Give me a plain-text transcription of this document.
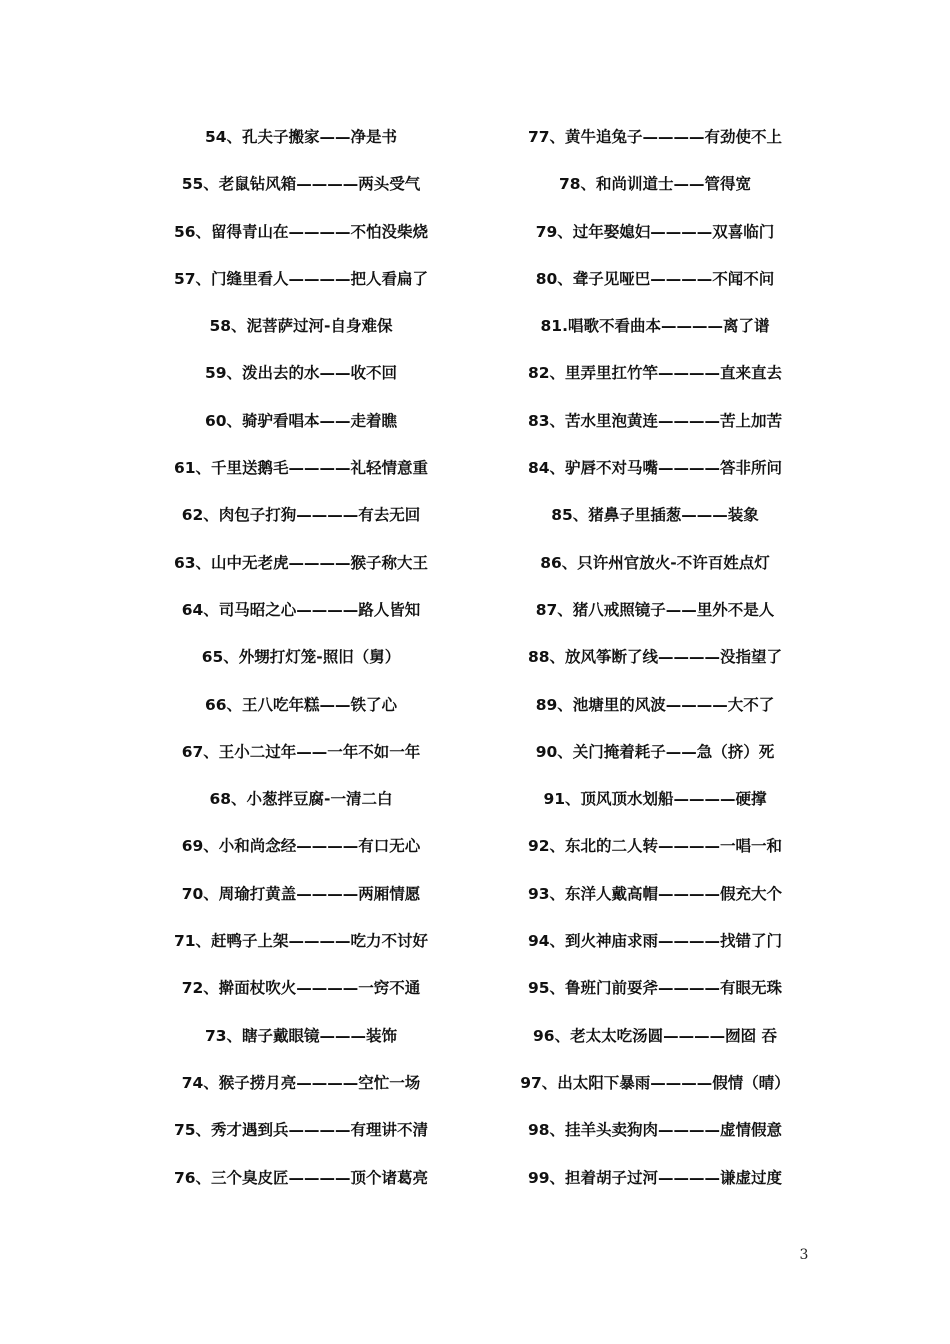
54、孔夫子搬家——净是书
55、老鼠钻风箱————两头受气
56、留得青山在————不怕没柴烧
57、门缝里看人————把人看扁了
58、泥菩萨过河-自身难保
59、泼出去的水——收不回
60、骑驴看唱本——走着瞧
61、千里送鹅毛————礼轻情意重
62、肉包子打狗————有去无回
63、山中无老虎————猴子称大王
64、司马昭之心————路人皆知
65、外甥打灯笼-照旧（舅）
66、王八吃年糕——铁了心
67、王小二过年——一年不如一年
68、小葱拌豆腐-一清二白
69、小和尚念经————有口无心
70、周瑜打黄盖————两厢情愿
71、赶鸭子上架————吃力不讨好
72、擀面杖吹火————一窍不通
73、瞎子戴眼镜———装饰
74、猴子捞月亮————空忙一场
75、秀才遇到兵————有理讲不清
76、三个臭皮匠————顶个诸葛亮
77、黄牛追兔子————有劲使不上
78、和尚训道士——管得宽
79、过年娶媳妇————双喜临门
80、聋子见哑巴————不闻不问
81.唱歌不看曲本————离了谱
82、里弄里扛竹竿————直来直去
83、苦水里泡黄连————苦上加苦
84、驴唇不对马嘴————答非所问
85、猪鼻子里插葱———装象
86、只许州官放火-不许百姓点灯
87、猪八戒照镜子——里外不是人
88、放风筝断了线————没指望了
89、池塘里的风波————大不了
90、关门掩着耗子——急（挤）死
91、顶风顶水划船————硬撑
92、东北的二人转————一唱一和
93、东洋人戴高帽————假充大个
94、到火神庙求雨————找错了门
95、鲁班门前耍斧————有眼无珠
96、老太太吃汤圆————囫囵 吞
97、出太阳下暴雨————假情（晴）
98、挂羊头卖狗肉————虚情假意
99、担着胡子过河————谦虚过度
3
